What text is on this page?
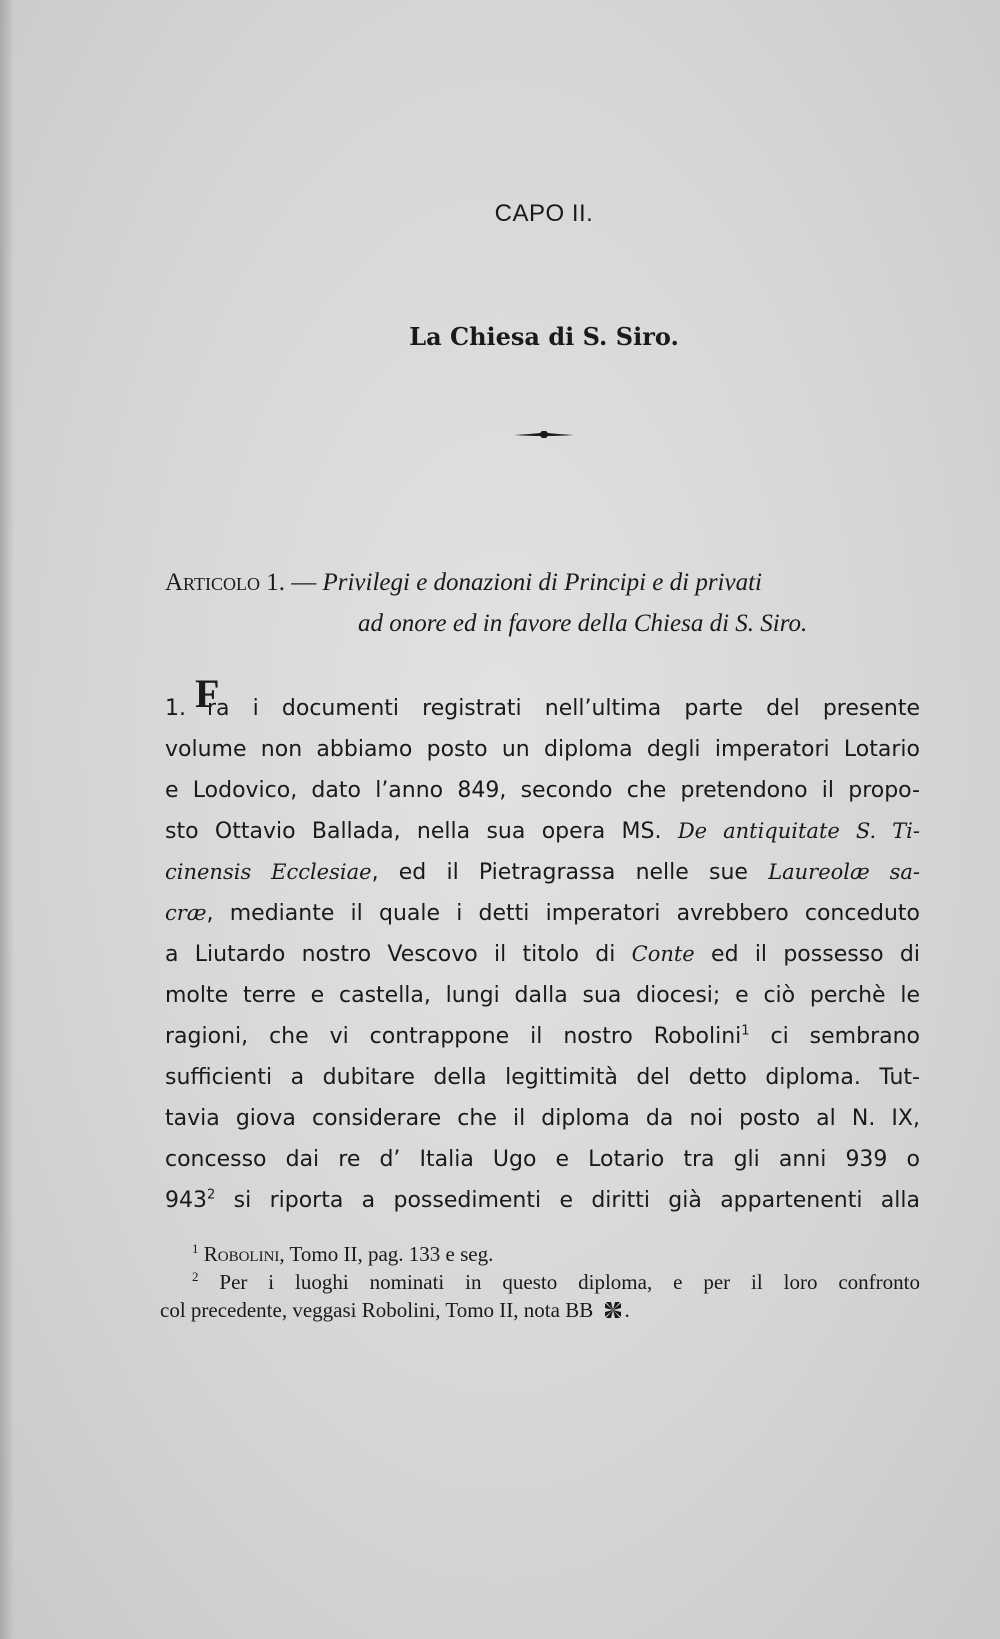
CAPO II.
La Chiesa di S. Siro.
Articolo 1. — Privilegi e donazioni di Principi e di privati
ad onore ed in favore della Chiesa di S. Siro.
1. F
ra i documenti registrati nell’ultima parte del presente
volume non abbiamo posto un diploma degli imperatori Lotario
e Lodovico, dato l’anno 849, secondo che pretendono il propo-
sto Ottavio Ballada, nella sua opera MS. De antiquitate S. Ti-
cinensis Ecclesiae, ed il Pietragrassa nelle sue Laureolæ sa-
cræ, mediante il quale i detti imperatori avrebbero conceduto
a Liutardo nostro Vescovo il titolo di Conte ed il possesso di
molte terre e castella, lungi dalla sua diocesi; e ciò perchè le
ragioni, che vi contrappone il nostro Robolini$^1$ ci sembrano
sufficienti a dubitare della legittimità del detto diploma. Tut-
tavia giova considerare che il diploma da noi posto al N. IX,
concesso dai re d’ Italia Ugo e Lotario tra gli anni 939 o
$943^2$ si riporta a possedimenti e diritti già appartenenti alla
$^1$ Robolini, Tomo II, pag. 133 e seg.
$^2$ Per i luoghi nominati in questo diploma, e per il loro confronto
col precedente, veggasi Robolini, Tomo II, nota BB .
